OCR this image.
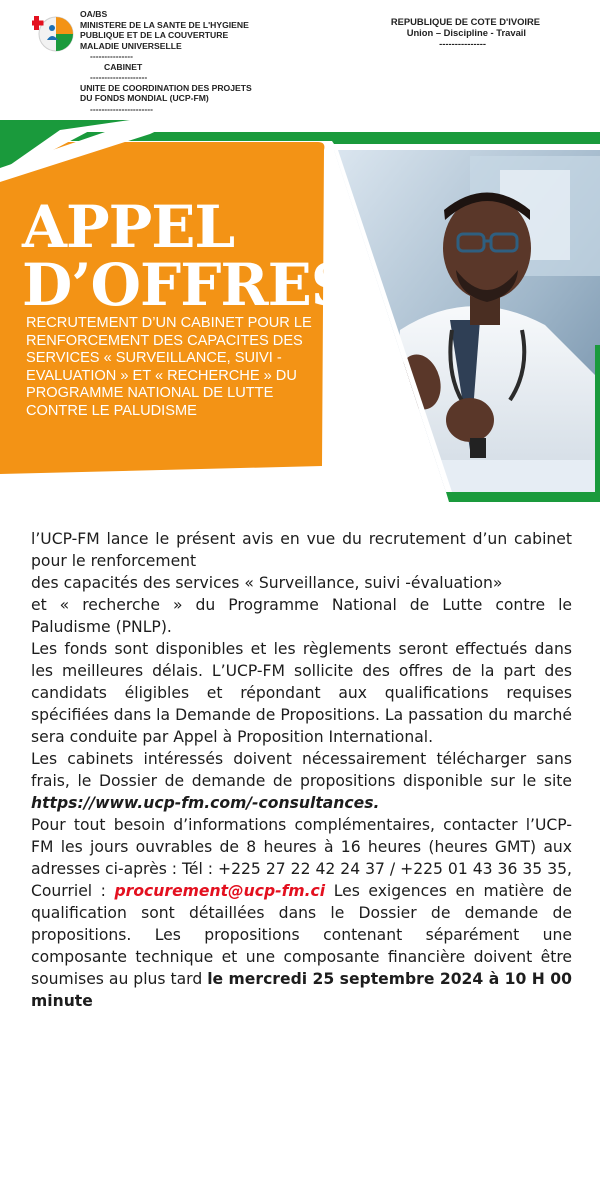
OA/BS
MINISTERE DE LA SANTE DE L'HYGIENE
PUBLIQUE ET DE LA COUVERTURE
MALADIE UNIVERSELLE
---------------
CABINET
--------------------
UNITE DE COORDINATION DES PROJETS
DU FONDS MONDIAL (UCP-FM)
----------------------
REPUBLIQUE DE COTE D'IVOIRE
Union – Discipline - Travail
---------------
APPEL
D’OFFRES
RECRUTEMENT D’UN CABINET POUR LE RENFORCEMENT DES CAPACITES DES SERVICES « SURVEILLANCE, SUIVI - EVALUATION » ET « RECHERCHE » DU PROGRAMME NATIONAL DE LUTTE CONTRE LE PALUDISME

l’UCP-FM lance le présent avis en vue du recrutement d’un cabinet pour le renforcement

des capacités des services « Surveillance, suivi -évaluation»

et « recherche » du Programme National de Lutte contre le Paludisme (PNLP).

Les fonds sont disponibles et les règlements seront effectués dans les meilleures délais. L’UCP-FM sollicite des offres de la part des candidats éligibles et répondant aux qualifications requises spécifiées dans la Demande de Propositions. La passation du marché sera conduite par Appel à Proposition International.

Les cabinets intéressés doivent nécessairement télécharger sans frais, le Dossier de demande de propositions disponible sur le site https://www.ucp-fm.com/-consultances.

Pour tout besoin d’informations complémentaires, contacter l’UCP-FM les jours ouvrables de 8 heures à 16 heures (heures GMT) aux adresses ci-après : Tél : +225 27 22 42 24 37 / +225 01 43 36 35 35, Courriel : procurement@ucp-fm.ci Les exigences en matière de qualification sont détaillées dans le Dossier de demande de propositions. Les propositions contenant séparément une composante technique et une composante financière doivent être soumises au plus tard le mercredi 25 septembre 2024 à 10 H 00 minute
